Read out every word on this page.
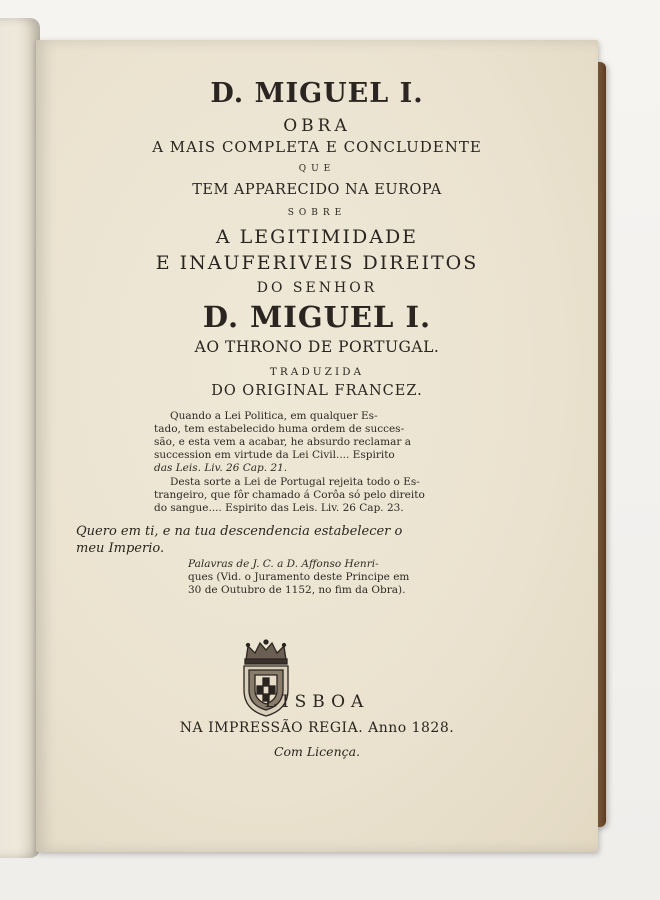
D. MIGUEL I.
OBRA
A MAIS COMPLETA E CONCLUDENTE
QUE
TEM APPARECIDO NA EUROPA
SOBRE
A LEGITIMIDADE
E INAUFERIVEIS DIREITOS
DO SENHOR
D. MIGUEL I.
AO THRONO DE PORTUGAL.
TRADUZIDA
DO ORIGINAL FRANCEZ.
Quando a Lei Politica, em qualquer Es-
tado, tem estabelecido huma ordem de succes-
são, e esta vem a acabar, he absurdo reclamar a
succession em virtude da Lei Civil.... Espirito
das Leis. Liv. 26 Cap. 21.
Desta sorte a Lei de Portugal rejeita todo o Es-
trangeiro, que fôr chamado á Corôa só pelo direito
do sangue.... Espirito das Leis. Liv. 26 Cap. 23.
Quero em ti, e na tua descendencia estabelecer o
meu Imperio.
Palavras de J. C. a D. Affonso Henri-
ques (Vid. o Juramento deste Principe em
30 de Outubro de 1152, no fim da Obra).
LISBOA
NA IMPRESSÃO REGIA. Anno 1828.
Com Licença.
